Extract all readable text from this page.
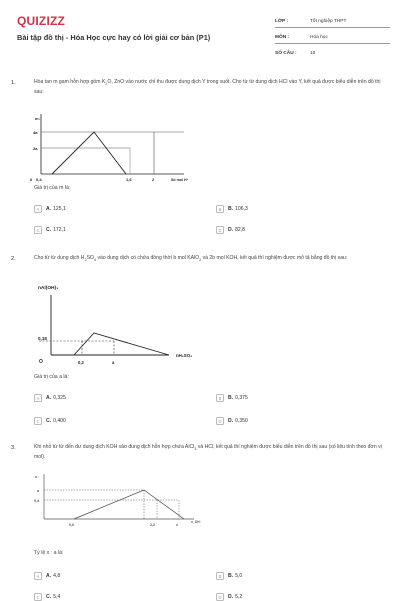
QUIZIZZ
Bài tập đồ thị - Hóa Học cực hay có lời giải cơ bản (P1)
LỚP :	Tốt nghiệp THPT
MÔN :	Hóa học
SỐ CÂU :	10
1.	Hòa tan m gam hỗn hợp gồm $K_2O$, ZnO vào nước chỉ thu được dung dịch Y trong suốt. Cho từ từ dung dịch HCl vào Y, kết quả được biểu diễn trên đồ thị sau:
m↓
4a
2a
0 0,4	1,6	2	Số mol H⁺
Giá trị của m là:
A	A. 125,1	B	B. 106,3
C	C. 172,1	D	D. 82,8
2.	Cho từ từ dung dịch $H_2SO_4$ vào dung dịch có chứa đồng thời b mol KAlO$_2$ và 2b mol KOH, kết quả thí nghiệm được mô tả bằng đồ thị sau:
nAl(OH)₃
0,15
O	0,2	a
nH₂SO₄
Giá trị của a là:
A	A. 0,325	B	B. 0,375
C	C. 0,400	D	D. 0,350
3.	Khi nhỏ từ từ đến dư dung dịch KOH vào dung dịch hỗn hợp chứa AlCl$_3$ và HCl, kết quả thí nghiệm được biểu diễn trên đồ thị sau (số liệu tính theo đơn vị mol).
n↓
a
0,4
0,6	2,2	x
n_OH⁻
Tỷ lệ x : a là:
A	A. 4,8	B	B. 5,0
C	C. 5,4	D	D. 5,2
